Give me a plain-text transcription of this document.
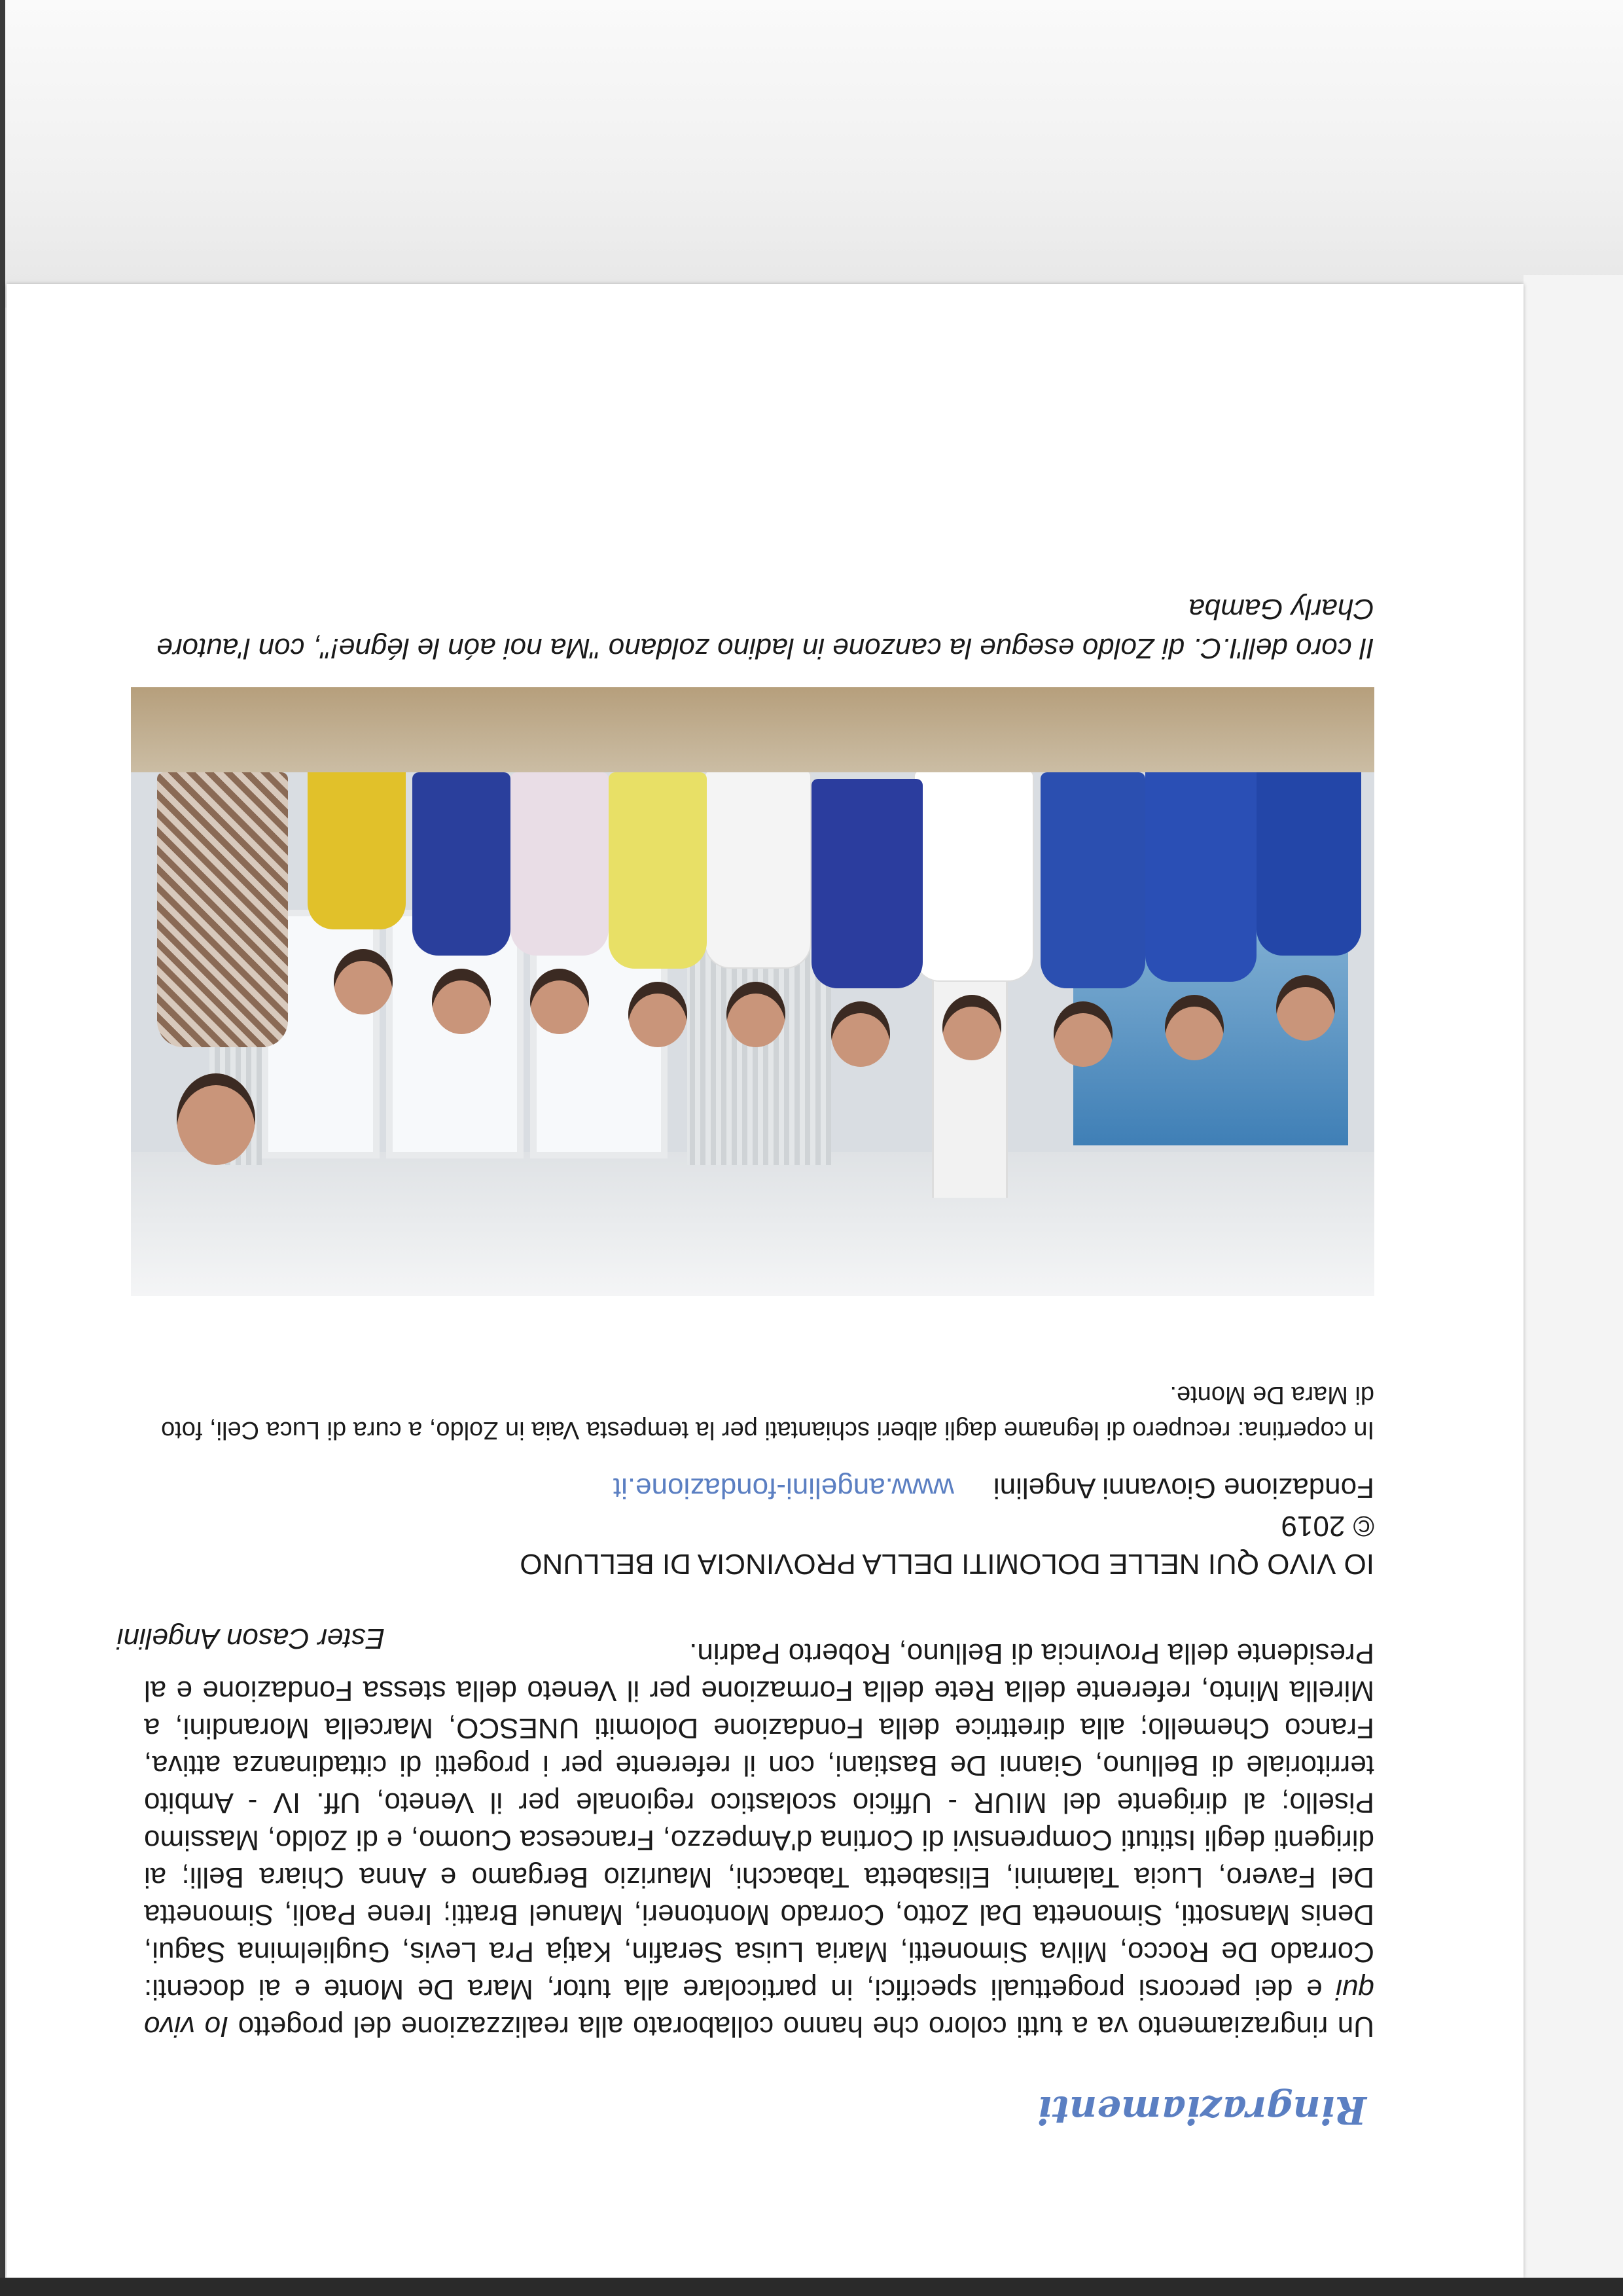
Ringraziamenti

Un ringraziamento va a tutti coloro che hanno collaborato alla realizzazione del progetto Io vivo qui e dei percorsi progettuali specifici, in particolare alla tutor, Mara De Monte e ai docenti: Corrado De Rocco, Milva Simonetti, Maria Luisa Serafin, Katja Pra Levis, Guglielmina Sagui, Denis Mansotti, Simonetta Dal Zotto, Corrado Montoneri, Manuel Bratti; Irene Paoli, Simonetta Del Favero, Lucia Talamini, Elisabetta Tabacchi, Maurizio Bergamo e Anna Chiara Belli; ai dirigenti degli Istituti Comprensivi di Cortina d'Ampezzo, Francesca Cuomo, e di Zoldo, Massimo Pisello; al dirigente del MIUR - Ufficio scolastico regionale per il Veneto, Uff. IV - Ambito territoriale di Belluno, Gianni De Bastiani, con il referente per i progetti di cittadinanza attiva, Franco Chemello; alla direttrice della Fondazione Dolomiti UNESCO, Marcella Morandini, a Mirella Minto, referente della Rete della Formazione per il Veneto della stessa Fondazione e al Presidente della Provincia di Belluno, Roberto Padrin.

Ester Cason Angelini

IO VIVO QUI NELLE DOLOMITI DELLA PROVINCIA DI BELLUNO
© 2019
Fondazione Giovanni Angeliniwww.angelini-fondazione.it

In copertina: recupero di legname dagli alberi schiantati per la tempesta Vaia in Zoldo, a cura di Luca Celi, foto di Mara De Monte.

Il coro dell'I.C. di Zoldo esegue la canzone in ladino zoldano "Ma noi aón le légne!", con l'autore Charly Gamba
